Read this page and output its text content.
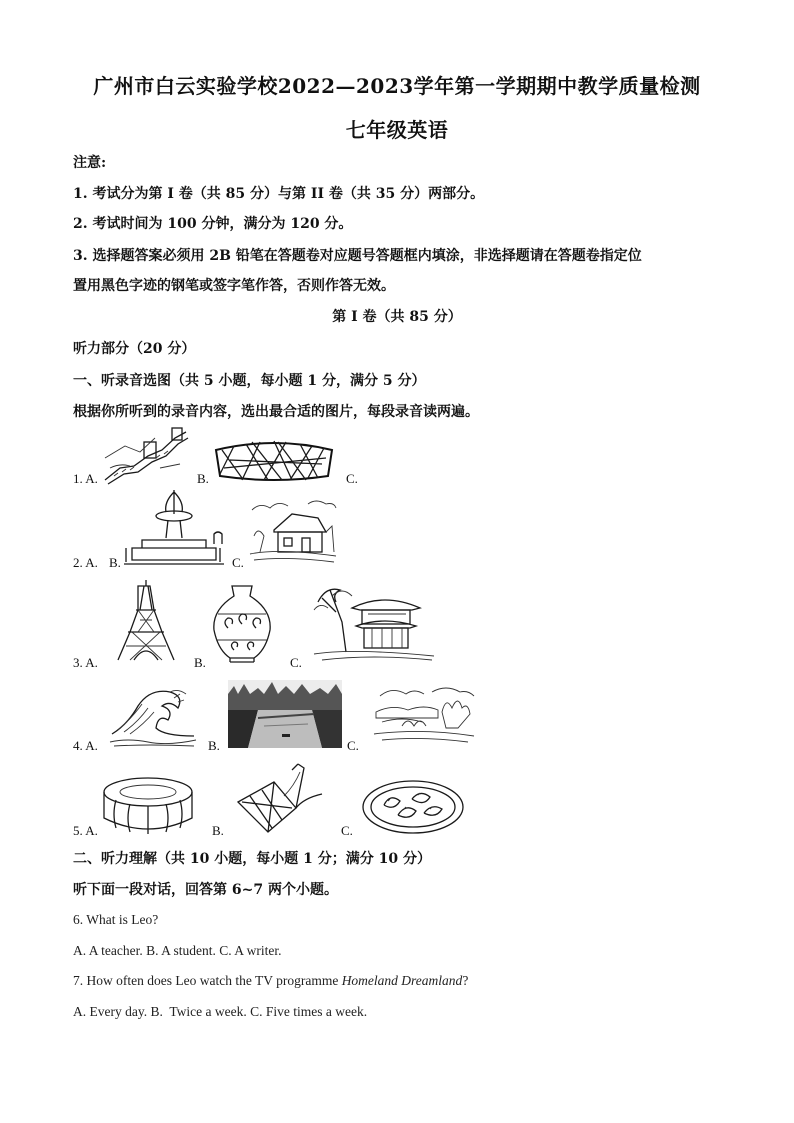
广州市白云实验学校2022—2023学年第一学期期中教学质量检测
七年级英语
注意:
1. 考试分为第 I 卷（共 85 分）与第 II 卷（共 35 分）两部分。
2. 考试时间为 100 分钟，满分为 120 分。
3. 选择题答案必须用 2B 铅笔在答题卷对应题号答题框内填涂，非选择题请在答题卷指定位
置用黑色字迹的钢笔或签字笔作答，否则作答无效。
第 I 卷（共 85 分）
听力部分（20 分）
一、听录音选图（共 5 小题，每小题 1 分，满分 5 分）
根据你所听到的录音内容，选出最合适的图片，每段录音读两遍。
1. A.	B.	C.
2. A. B.	C.
3. A.	B.	C.
4. A.	B.	C.
5. A.	B.	C.
二、听力理解（共 10 小题，每小题 1 分；满分 10 分）
听下面一段对话，回答第 6~7 两个小题。
6. What is Leo?
A. A teacher. B. A student. C. A writer.
7. How often does Leo watch the TV programme Homeland Dreamland?
A. Every day. B.  Twice a week. C. Five times a week.
